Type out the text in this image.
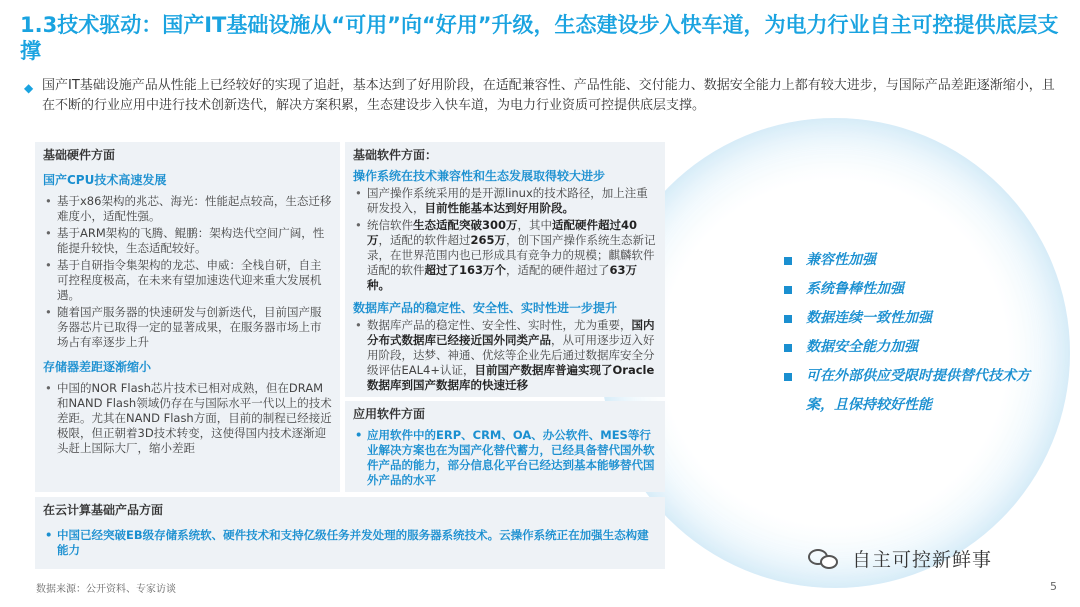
1.3技术驱动：国产IT基础设施从“可用”向“好用”升级，生态建设步入快车道，为电力行业自主可控提供底层支撑
◆ 国产IT基础设施产品从性能上已经较好的实现了追赶，基本达到了好用阶段，在适配兼容性、产品性能、交付能力、数据安全能力上都有较大进步，与国际产品差距逐渐缩小，且在不断的行业应用中进行技术创新迭代，解决方案积累，生态建设步入快车道，为电力行业资质可控提供底层支撑。
基础硬件方面
国产CPU技术高速发展
• 基于x86架构的兆芯、海光：性能起点较高，生态迁移难度小，适配性强。
• 基于ARM架构的飞腾、鲲鹏：架构迭代空间广阔，性能提升较快，生态适配较好。
• 基于自研指令集架构的龙芯、申威：全栈自研，自主可控程度极高，在未来有望加速迭代迎来重大发展机遇。
• 随着国产服务器的快速研发与创新迭代，目前国产服务器芯片已取得一定的显著成果，在服务器市场上市场占有率逐步上升
存储器差距逐渐缩小
• 中国的NOR Flash芯片技术已相对成熟，但在DRAM和NAND Flash领域仍存在与国际水平一代以上的技术差距。尤其在NAND Flash方面，目前的制程已经接近极限，但正朝着3D技术转变，这使得国内技术逐渐迎头赶上国际大厂，缩小差距
基础软件方面：
操作系统在技术兼容性和生态发展取得较大进步
• 国产操作系统采用的是开源linux的技术路径，加上注重研发投入，目前性能基本达到好用阶段。
• 统信软件生态适配突破300万，其中适配硬件超过40万，适配的软件超过265万，创下国产操作系统生态新记录，在世界范围内也已形成具有竞争力的规模；麒麟软件适配的软件超过了163万个，适配的硬件超过了63万种。
数据库产品的稳定性、安全性、实时性进一步提升
• 数据库产品的稳定性、安全性、实时性，尤为重要，国内分布式数据库已经接近国外同类产品，从可用逐步迈入好用阶段，达梦、神通、优炫等企业先后通过数据库安全分级评估EAL4+认证，目前国产数据库普遍实现了Oracle数据库到国产数据库的快速迁移
应用软件方面
• 应用软件中的ERP、CRM、OA、办公软件、MES等行业解决方案也在为国产化替代蓄力，已经具备替代国外软件产品的能力，部分信息化平台已经达到基本能够替代国外产品的水平
在云计算基础产品方面
• 中国已经突破EB级存储系统软、硬件技术和支持亿级任务并发处理的服务器系统技术。云操作系统正在加强生态构建能力
兼容性加强
系统鲁棒性加强
数据连续一致性加强
数据安全能力加强
可在外部供应受限时提供替代技术方案，且保持较好性能
自主可控新鲜事
数据来源：公开资料、专家访谈	5
